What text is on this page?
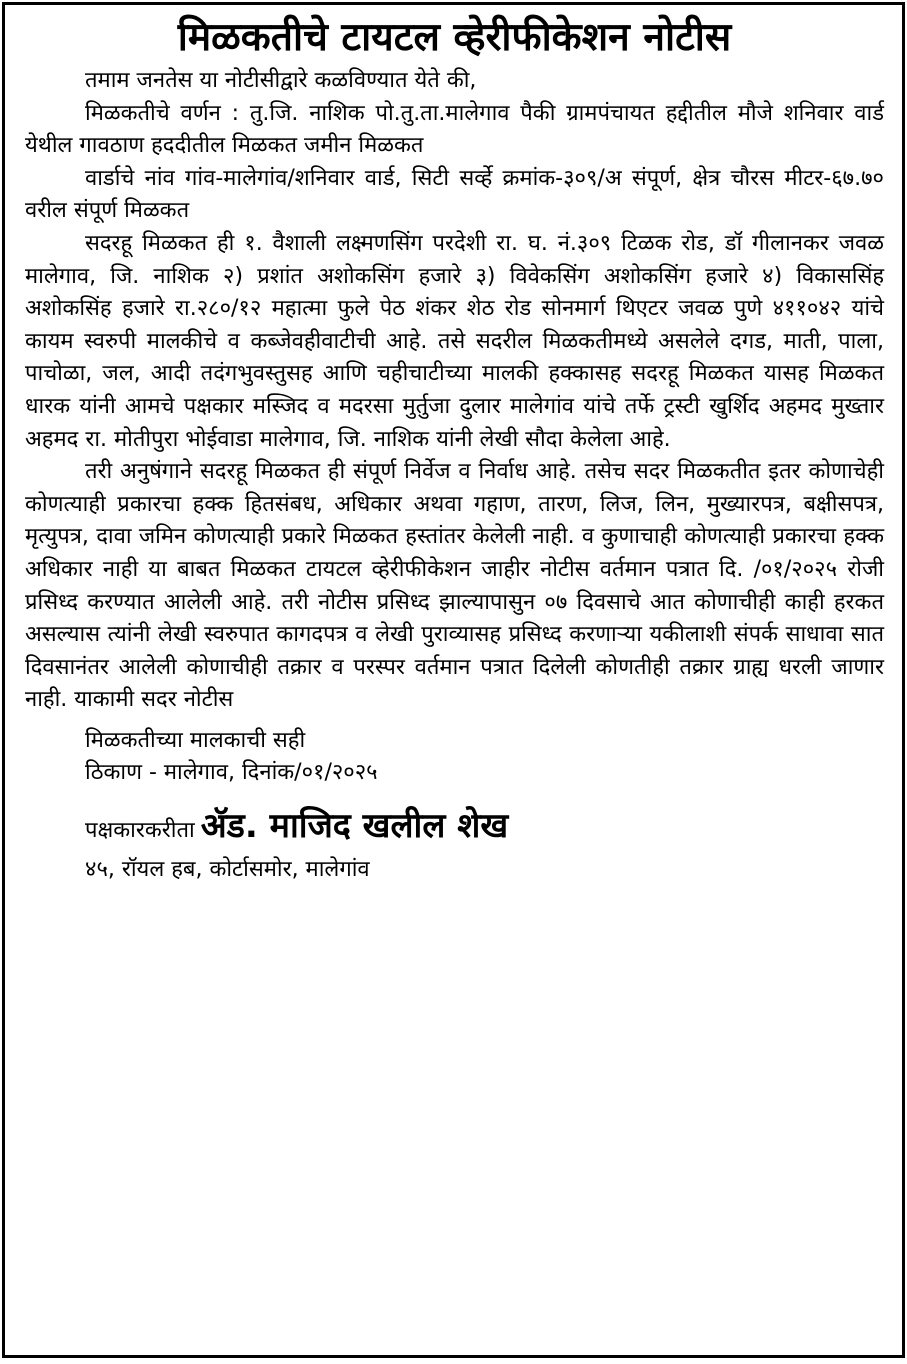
मिळकतीचे टायटल व्हेरीफीकेशन नोटीस

तमाम जनतेस या नोटीसीद्वारे कळविण्यात येते की,

मिळकतीचे वर्णन : तु.जि. नाशिक पो.तु.ता.मालेगाव पैकी ग्रामपंचायत हद्दीतील मौजे शनिवार वार्ड येथील गावठाण हददीतील मिळकत जमीन मिळकत

वार्डाचे नांव गांव-मालेगांव/शनिवार वार्ड, सिटी सर्व्हे क्रमांक-३०९/अ संपूर्ण, क्षेत्र चौरस मीटर-६७.७० वरील संपूर्ण मिळकत

सदरहू मिळकत ही १. वैशाली लक्ष्मणसिंग परदेशी रा. घ. नं.३०९ टिळक रोड, डॉ गीलानकर जवळ मालेगाव, जि. नाशिक २) प्रशांत अशोकसिंग हजारे ३) विवेकसिंग अशोकसिंग हजारे ४) विकाससिंह अशोकसिंह हजारे रा.२८०/१२ महात्मा फुले पेठ शंकर शेठ रोड सोनमार्ग थिएटर जवळ पुणे ४११०४२ यांचे कायम स्वरुपी मालकीचे व कब्जेवहीवाटीची आहे. तसे सदरील मिळकतीमध्ये असलेले दगड, माती, पाला, पाचोळा, जल, आदी तदंगभुवस्तुसह आणि चहीचाटीच्या मालकी हक्कासह सदरहू मिळकत यासह मिळकत धारक यांनी आमचे पक्षकार मस्जिद व मदरसा मुर्तुजा दुलार मालेगांव यांचे तर्फे ट्रस्टी खुर्शिद अहमद मुख्तार अहमद रा. मोतीपुरा भोईवाडा मालेगाव, जि. नाशिक यांनी लेखी सौदा केलेला आहे.

तरी अनुषंगाने सदरहू मिळकत ही संपूर्ण निर्वेज व निर्वाध आहे. तसेच सदर मिळकतीत इतर कोणाचेही कोणत्याही प्रकारचा हक्क हितसंबध, अधिकार अथवा गहाण, तारण, लिज, लिन, मुख्यारपत्र, बक्षीसपत्र, मृत्युपत्र, दावा जमिन कोणत्याही प्रकारे मिळकत हस्तांतर केलेली नाही. व कुणाचाही कोणत्याही प्रकारचा हक्क अधिकार नाही या बाबत मिळकत टायटल व्हेरीफीकेशन जाहीर नोटीस वर्तमान पत्रात दि. /०१/२०२५ रोजी प्रसिध्द करण्यात आलेली आहे. तरी नोटीस प्रसिध्द झाल्यापासुन ०७ दिवसाचे आत कोणाचीही काही हरकत असल्यास त्यांनी लेखी स्वरुपात कागदपत्र व लेखी पुराव्यासह प्रसिध्द करणाऱ्या यकीलाशी संपर्क साधावा सात दिवसानंतर आलेली कोणाचीही तक्रार व परस्पर वर्तमान पत्रात दिलेली कोणतीही तक्रार ग्राह्य धरली जाणार नाही. याकामी सदर नोटीस

मिळकतीच्या मालकाची सही
ठिकाण - मालेगाव, दिनांक/०१/२०२५
पक्षकारकरीता ॲड. माजिद खलील शेख
४५, रॉयल हब, कोर्टासमोर, मालेगांव
